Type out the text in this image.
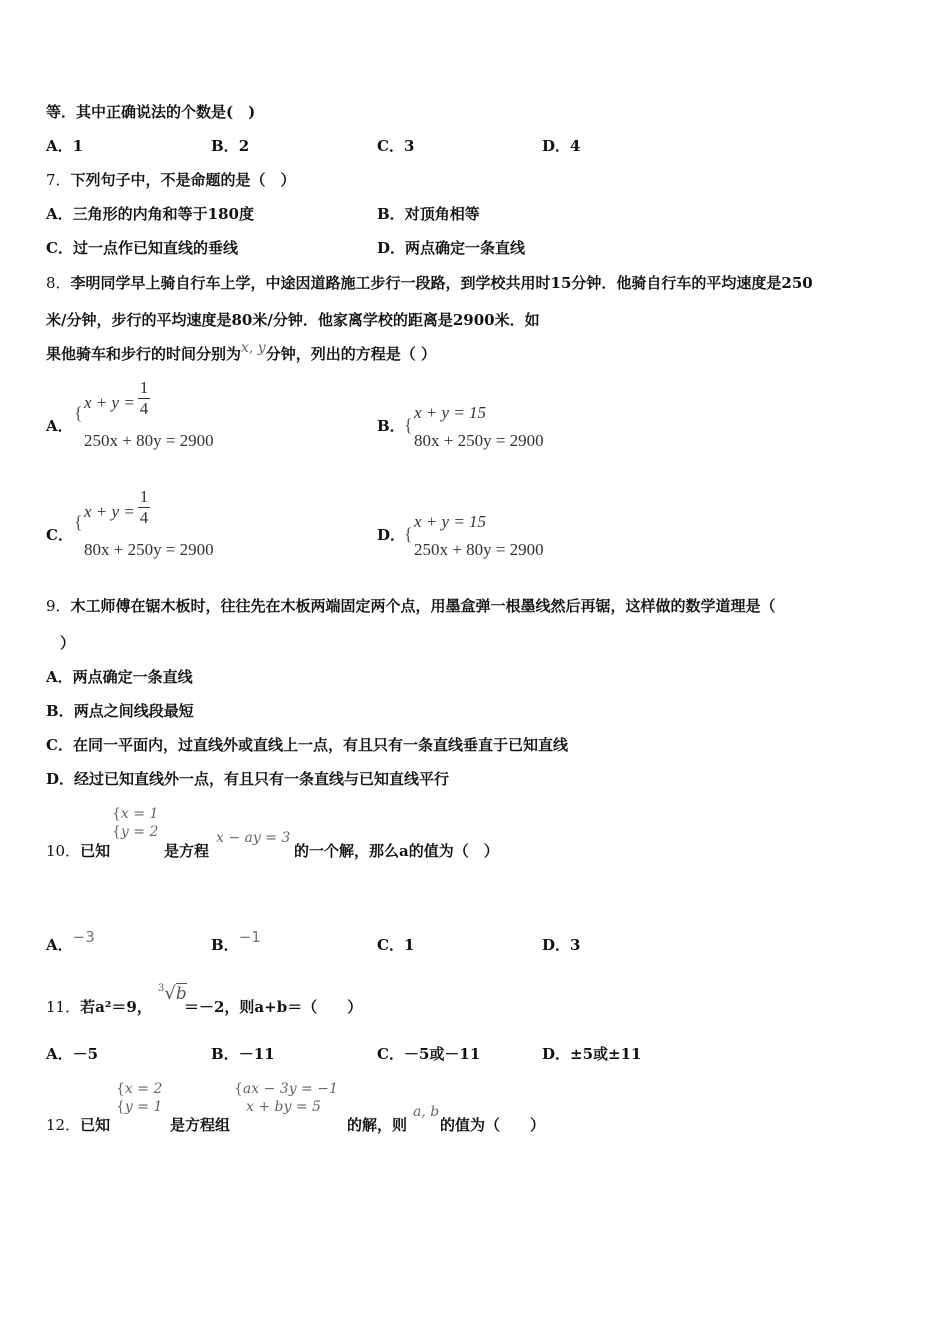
等．其中正确说法的个数是(　)
A．1	B．2	C．3	D．4
7．下列句子中，不是命题的是（　）
A．三角形的内角和等于180度	B．对顶角相等
C．过一点作已知直线的垂线	D．两点确定一条直线
8．李明同学早上骑自行车上学，中途因道路施工步行一段路，到学校共用时15分钟．他骑自行车的平均速度是250
米/分钟，步行的平均速度是80米/分钟．他家离学校的距离是2900米．如
果他骑车和步行的时间分别为x, y分钟，列出的方程是（ ）
A．
{
x + y =
1
4
250x + 80y = 2900
B． {
x + y = 15
80x + 250y = 2900
C．
{
x + y =
1
4
80x + 250y = 2900
D．
{
x + y = 15
250x + 80y = 2900
9．木工师傅在锯木板时，往往先在木板两端固定两个点，用墨盒弹一根墨线然后再锯，这样做的数学道理是（
）
A．两点确定一条直线
B．两点之间线段最短
C．在同一平面内，过直线外或直线上一点，有且只有一条直线垂直于已知直线
D．经过已知直线外一点，有且只有一条直线与已知直线平行
10．已知
{x = 1
{y = 2
是方程
x − ay = 3
的一个解，那么a的值为（　）
A．−3	B．−1	C．1	D．3
11．若a²＝9，
$^3$√b
＝－2，则a+b＝（　　）
A．－5	B．－11	C．－5或－11	D．±5或±11
12．已知
{x = 2
{y = 1
是方程组
{ax − 3y = −1
x + by = 5
的解，则
a, b
的值为（　　）
